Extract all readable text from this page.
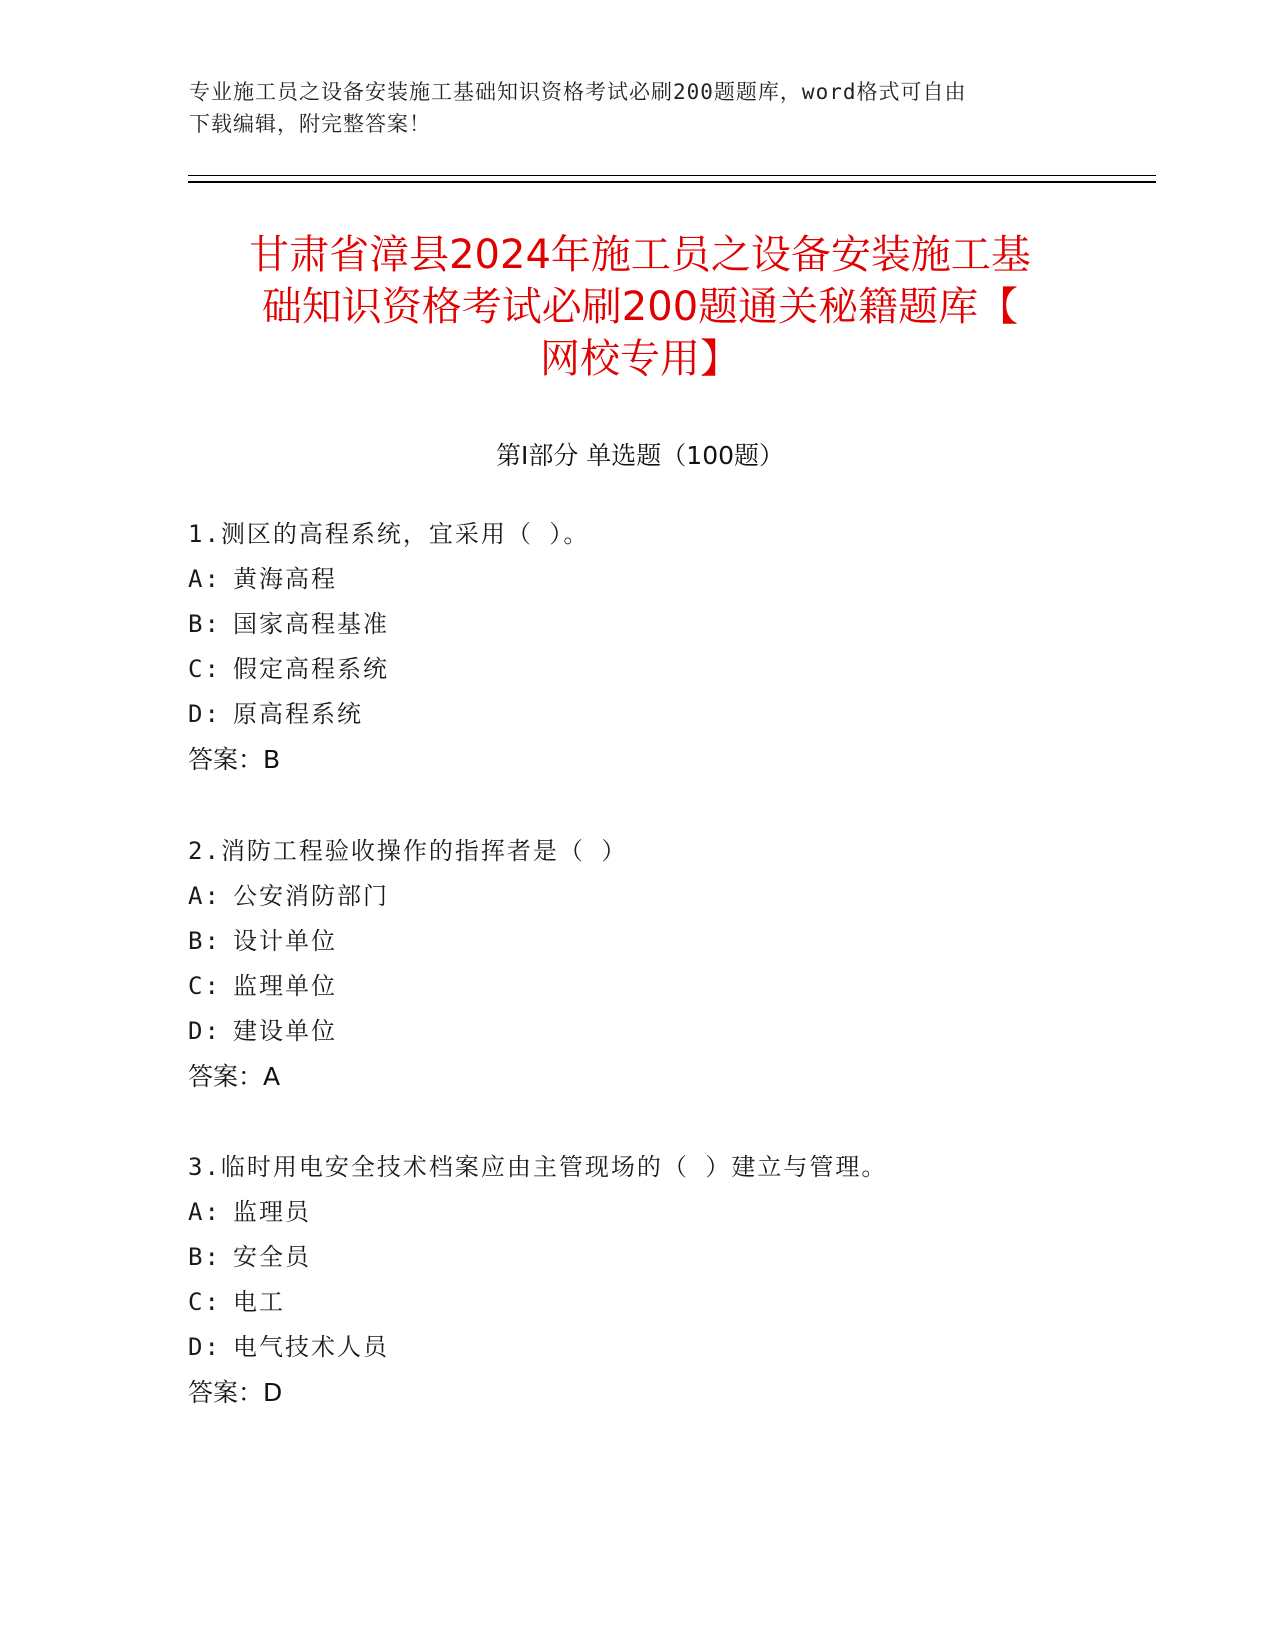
专业施工员之设备安装施工基础知识资格考试必刷200题题库，word格式可自由
下载编辑，附完整答案！
甘肃省漳县2024年施工员之设备安装施工基
础知识资格考试必刷200题通关秘籍题库【
网校专用】
第Ⅰ部分 单选题（100题）
1.测区的高程系统，宜采用（ ）。
A: 黄海高程
B: 国家高程基准
C: 假定高程系统
D: 原高程系统
答案：B
2.消防工程验收操作的指挥者是（ ）
A: 公安消防部门
B: 设计单位
C: 监理单位
D: 建设单位
答案：A
3.临时用电安全技术档案应由主管现场的（ ）建立与管理。
A: 监理员
B: 安全员
C: 电工
D: 电气技术人员
答案：D
